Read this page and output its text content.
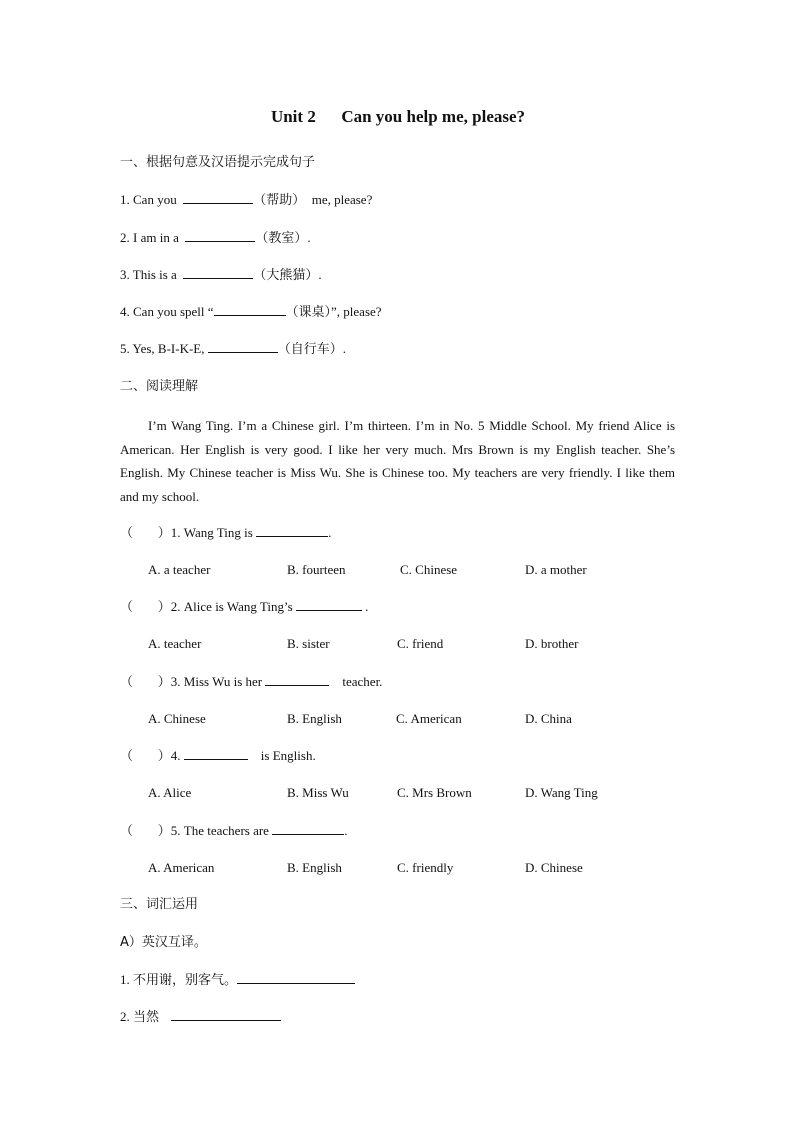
Unit 2      Can you help me, please?
一、根据句意及汉语提示完成句子
1. Can you	（帮助）  me, please?
2. I am in a	（教室）.
3. This is a	（大熊猫）.
4. Can you spell “	（课桌）”, please?
5. Yes, B-I-K-E,	（自行车）.
二、阅读理解
I’m Wang Ting. I’m a Chinese girl. I’m thirteen. I’m in No. 5 Middle School. My friend Alice is American. Her English is very good. I like her very much. Mrs Brown is my English teacher. She’s English. My Chinese teacher is Miss Wu. She is Chinese too. My teachers are very friendly. I like them and my school.
（      ）1. Wang Ting is	.
A. a teacher	B. fourteen	C. Chinese	D. a mother
（      ）2. Alice is Wang Ting’s	.
A. teacher	B. sister	C. friend	D. brother
（      ）3. Miss Wu is her	teacher.
A. Chinese	B. English	C. American	D. China
（      ）4.	is English.
A. Alice	B. Miss Wu	C. Mrs Brown	D. Wang Ting
（      ）5. The teachers are	.
A. American	B. English	C. friendly	D. Chinese
三、词汇运用
A）英汉互译。
1. 不用谢，别客气。
2. 当然
